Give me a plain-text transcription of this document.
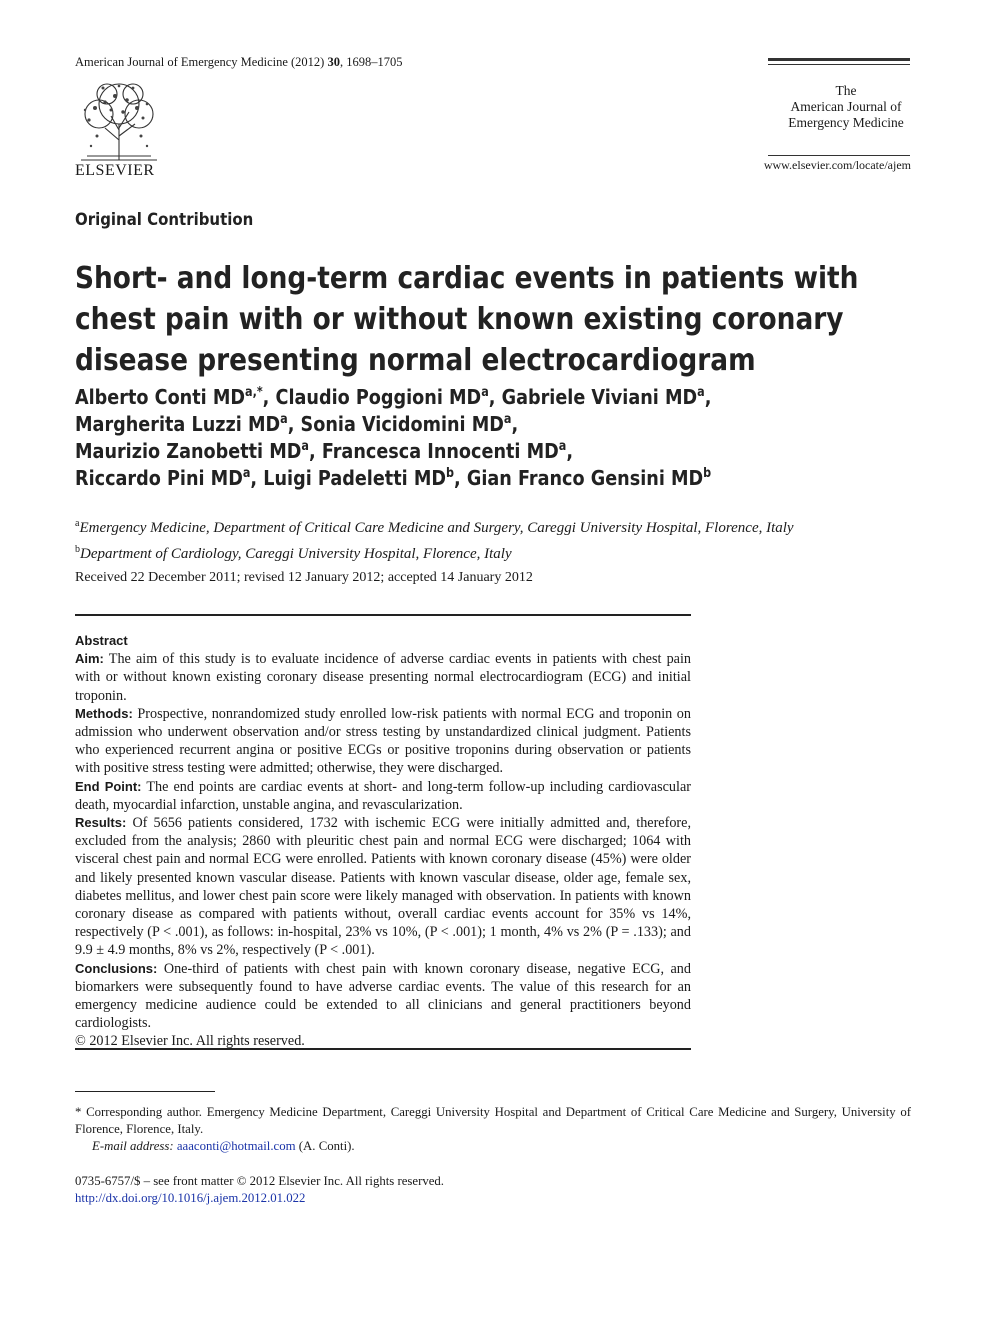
American Journal of Emergency Medicine (2012) 30, 1698–1705
ELSEVIER
The
American Journal of
Emergency Medicine
www.elsevier.com/locate/ajem
Original Contribution
Short- and long-term cardiac events in patients with chest pain with or without known existing coronary disease presenting normal electrocardiogram
Alberto Conti $MD^{a,*}$, Claudio Poggioni $MD^a$, Gabriele Viviani $MD^a$,
Margherita Luzzi $MD^a$, Sonia Vicidomini $MD^a$,
Maurizio Zanobetti $MD^a$, Francesca Innocenti $MD^a$,
Riccardo Pini $MD^a$, Luigi Padeletti $MD^b$, Gian Franco Gensini $MD^b$
$^a$Emergency Medicine, Department of Critical Care Medicine and Surgery, Careggi University Hospital, Florence, Italy
$^b$Department of Cardiology, Careggi University Hospital, Florence, Italy
Received 22 December 2011; revised 12 January 2012; accepted 14 January 2012
Abstract

Aim: The aim of this study is to evaluate incidence of adverse cardiac events in patients with chest pain with or without known existing coronary disease presenting normal electrocardiogram (ECG) and initial troponin.

Methods: Prospective, nonrandomized study enrolled low-risk patients with normal ECG and troponin on admission who underwent observation and/or stress testing by unstandardized clinical judgment. Patients who experienced recurrent angina or positive ECGs or positive troponins during observation or patients with positive stress testing were admitted; otherwise, they were discharged.

End Point: The end points are cardiac events at short- and long-term follow-up including cardiovascular death, myocardial infarction, unstable angina, and revascularization.

Results: Of 5656 patients considered, 1732 with ischemic ECG were initially admitted and, therefore, excluded from the analysis; 2860 with pleuritic chest pain and normal ECG were discharged; 1064 with visceral chest pain and normal ECG were enrolled. Patients with known coronary disease (45%) were older and likely presented known vascular disease. Patients with known vascular disease, older age, female sex, diabetes mellitus, and lower chest pain score were likely managed with observation. In patients with known coronary disease as compared with patients without, overall cardiac events account for 35% vs 14%, respectively (P < .001), as follows: in-hospital, 23% vs 10%, (P < .001); 1 month, 4% vs 2% (P = .133); and 9.9 ± 4.9 months, 8% vs 2%, respectively (P < .001).

Conclusions: One-third of patients with chest pain with known coronary disease, negative ECG, and biomarkers were subsequently found to have adverse cardiac events. The value of this research for an emergency medicine audience could be extended to all clinicians and general practitioners beyond cardiologists.

© 2012 Elsevier Inc. All rights reserved.

* Corresponding author. Emergency Medicine Department, Careggi University Hospital and Department of Critical Care Medicine and Surgery, University of Florence, Florence, Italy.

E-mail address: aaaconti@hotmail.com (A. Conti).

0735-6757/$ – see front matter © 2012 Elsevier Inc. All rights reserved.
http://dx.doi.org/10.1016/j.ajem.2012.01.022
